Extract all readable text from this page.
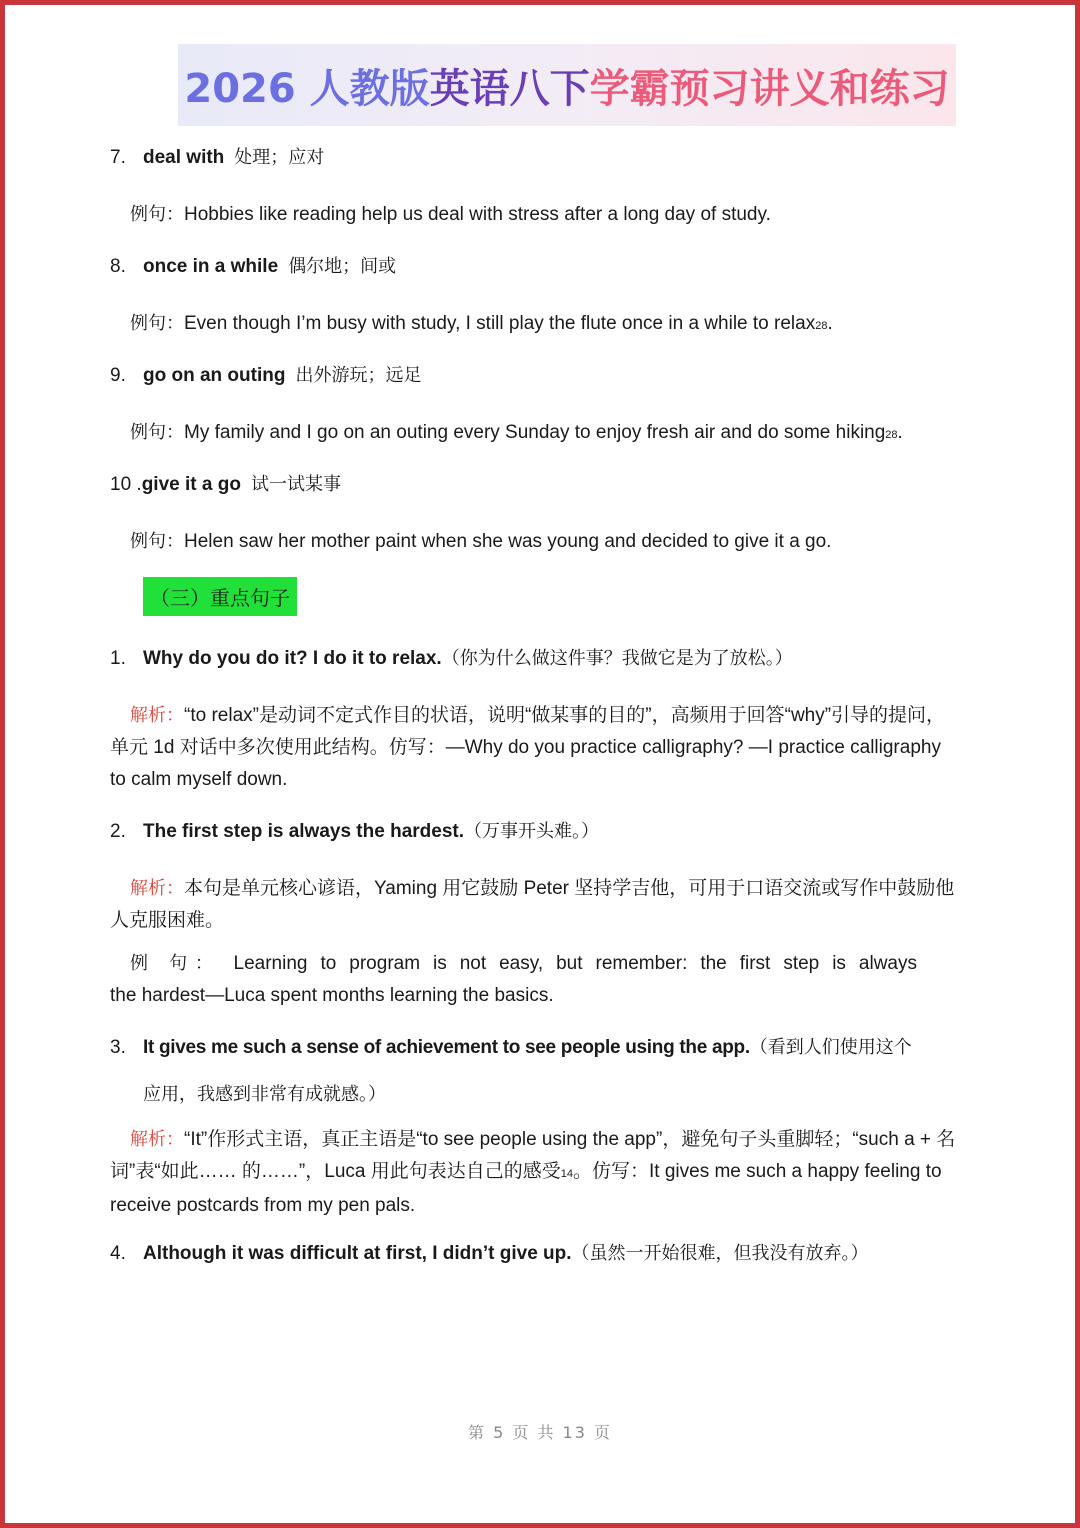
2026 人教版英语八下学霸预习讲义和练习
7. deal with 处理；应对
例句：Hobbies like reading help us deal with stress after a long day of study.
8. once in a while 偶尔地；间或
例句：Even though I’m busy with study, I still play the flute once in a while to relax28.
9. go on an outing 出外游玩；远足
例句：My family and I go on an outing every Sunday to enjoy fresh air and do some hiking28.
10 .give it a go 试一试某事
例句：Helen saw her mother paint when she was young and decided to give it a go.
（三）重点句子
1. Why do you do it? I do it to relax.（你为什么做这件事？我做它是为了放松。）
解析：“to relax”是动词不定式作目的状语，说明“做某事的目的”，高频用于回答“why”引导的提问，单元 1d 对话中多次使用此结构。仿写：—Why do you practice calligraphy? —I practice calligraphy to calm myself down.
2. The first step is always the hardest.（万事开头难。）
解析：本句是单元核心谚语，Yaming 用它鼓励 Peter 坚持学吉他，可用于口语交流或写作中鼓励他人克服困难。
例 句： Learning to program is not easy, but remember: the first step is always
the hardest—Luca spent months learning the basics.
3. It gives me such a sense of achievement to see people using the app.（看到人们使用这个
应用，我感到非常有成就感。）
解析：“It”作形式主语，真正主语是“to see people using the app”，避免句子头重脚轻；“such a + 名词”表“如此…… 的……”，Luca 用此句表达自己的感受14。仿写：It gives me such a happy feeling to receive postcards from my pen pals.
4. Although it was difficult at first, I didn’t give up.（虽然一开始很难，但我没有放弃。）
第 5 页 共 13 页
